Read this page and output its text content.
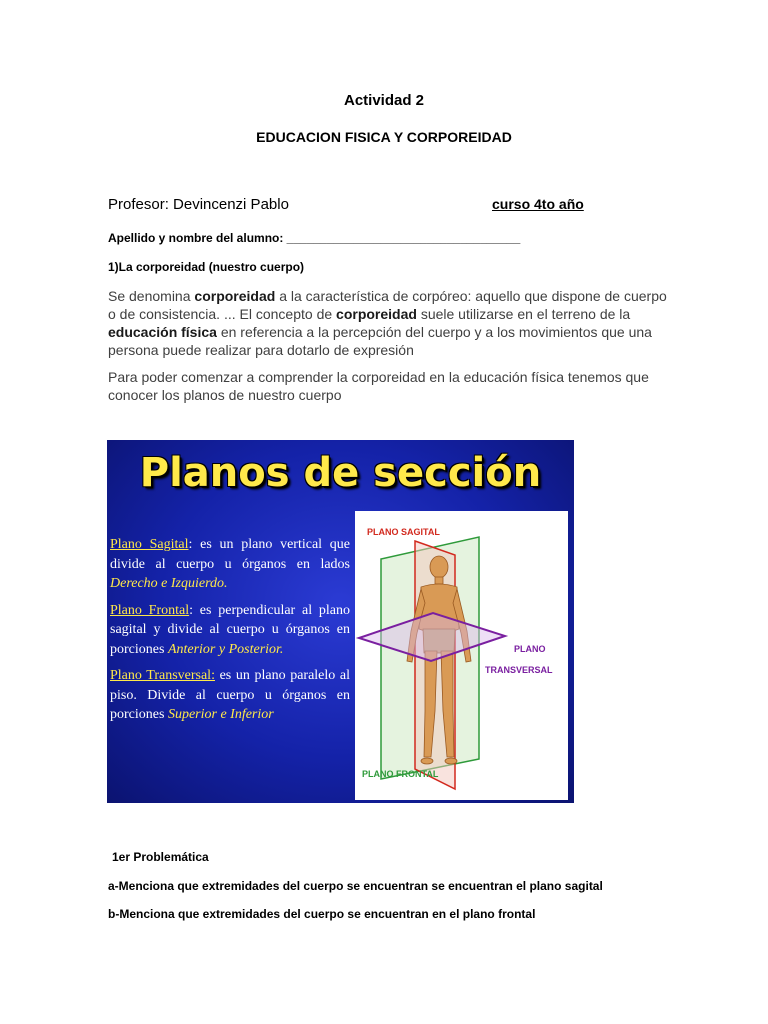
Actividad 2
EDUCACION FISICA Y CORPOREIDAD
Profesor: Devincenzi Pablo	curso 4to año
Apellido y nombre del alumno: ___________________________________
1)La corporeidad (nuestro cuerpo)
Se denomina corporeidad a la característica de corpóreo: aquello que dispone de cuerpo o de consistencia. ... El concepto de corporeidad suele utilizarse en el terreno de la educación física en referencia a la percepción del cuerpo y a los movimientos que una persona puede realizar para dotarlo de expresión
Para poder comenzar a comprender la corporeidad en la educación física tenemos que conocer los planos de nuestro cuerpo
Planos de sección

Plano Sagital: es un plano vertical que divide al cuerpo u órganos en lados Derecho e Izquierdo.

Plano Frontal: es perpendicular al plano sagital y divide al cuerpo u órganos en porciones Anterior y Posterior.

Plano Transversal: es un plano paralelo al piso. Divide al cuerpo u órganos en porciones Superior e Inferior

PLANO SAGITAL
PLANO
TRANSVERSAL
PLANO FRONTAL
1er Problemática
a-Menciona que extremidades del cuerpo se encuentran se encuentran el plano sagital
b-Menciona que extremidades del cuerpo se encuentran en el plano frontal
